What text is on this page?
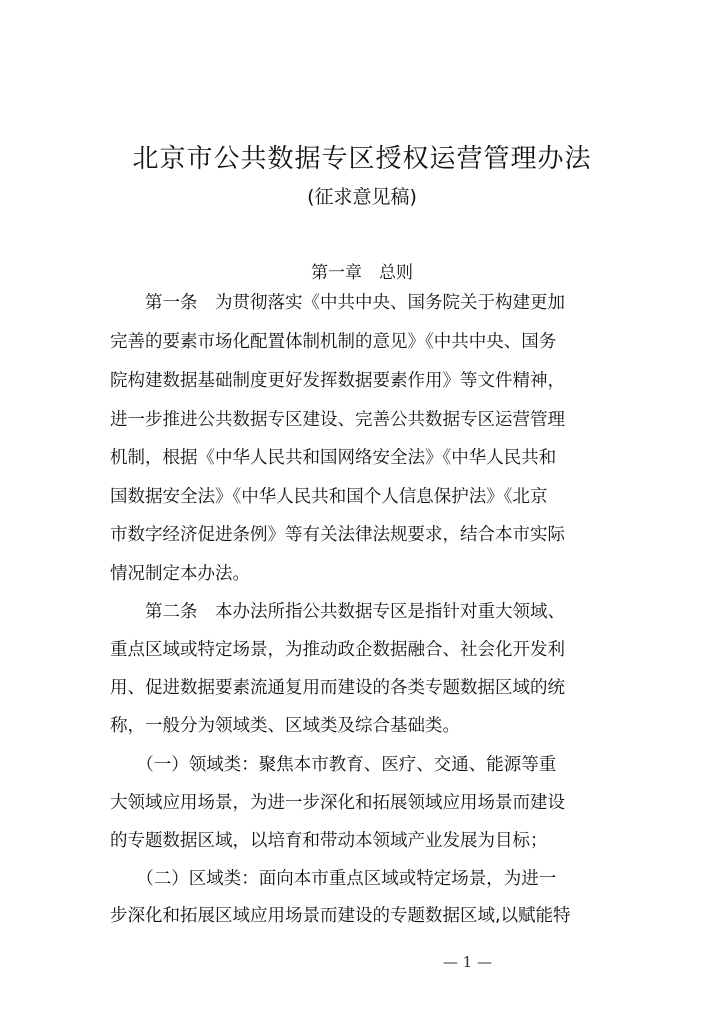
北京市公共数据专区授权运营管理办法
(征求意见稿)
第一章　总则
　　第一条　为贯彻落实《中共中央、国务院关于构建更加
完善的要素市场化配置体制机制的意见》《中共中央、国务
院构建数据基础制度更好发挥数据要素作用》等文件精神，
进一步推进公共数据专区建设、完善公共数据专区运营管理
机制，根据《中华人民共和国网络安全法》《中华人民共和
国数据安全法》《中华人民共和国个人信息保护法》《北京
市数字经济促进条例》等有关法律法规要求，结合本市实际
情况制定本办法。
　　第二条　本办法所指公共数据专区是指针对重大领域、
重点区域或特定场景，为推动政企数据融合、社会化开发利
用、促进数据要素流通复用而建设的各类专题数据区域的统
称，一般分为领域类、区域类及综合基础类。
　　（一）领域类：聚焦本市教育、医疗、交通、能源等重
大领域应用场景，为进一步深化和拓展领域应用场景而建设
的专题数据区域，以培育和带动本领域产业发展为目标；
　　（二）区域类：面向本市重点区域或特定场景，为进一
步深化和拓展区域应用场景而建设的专题数据区域,以赋能特
— 1 —
